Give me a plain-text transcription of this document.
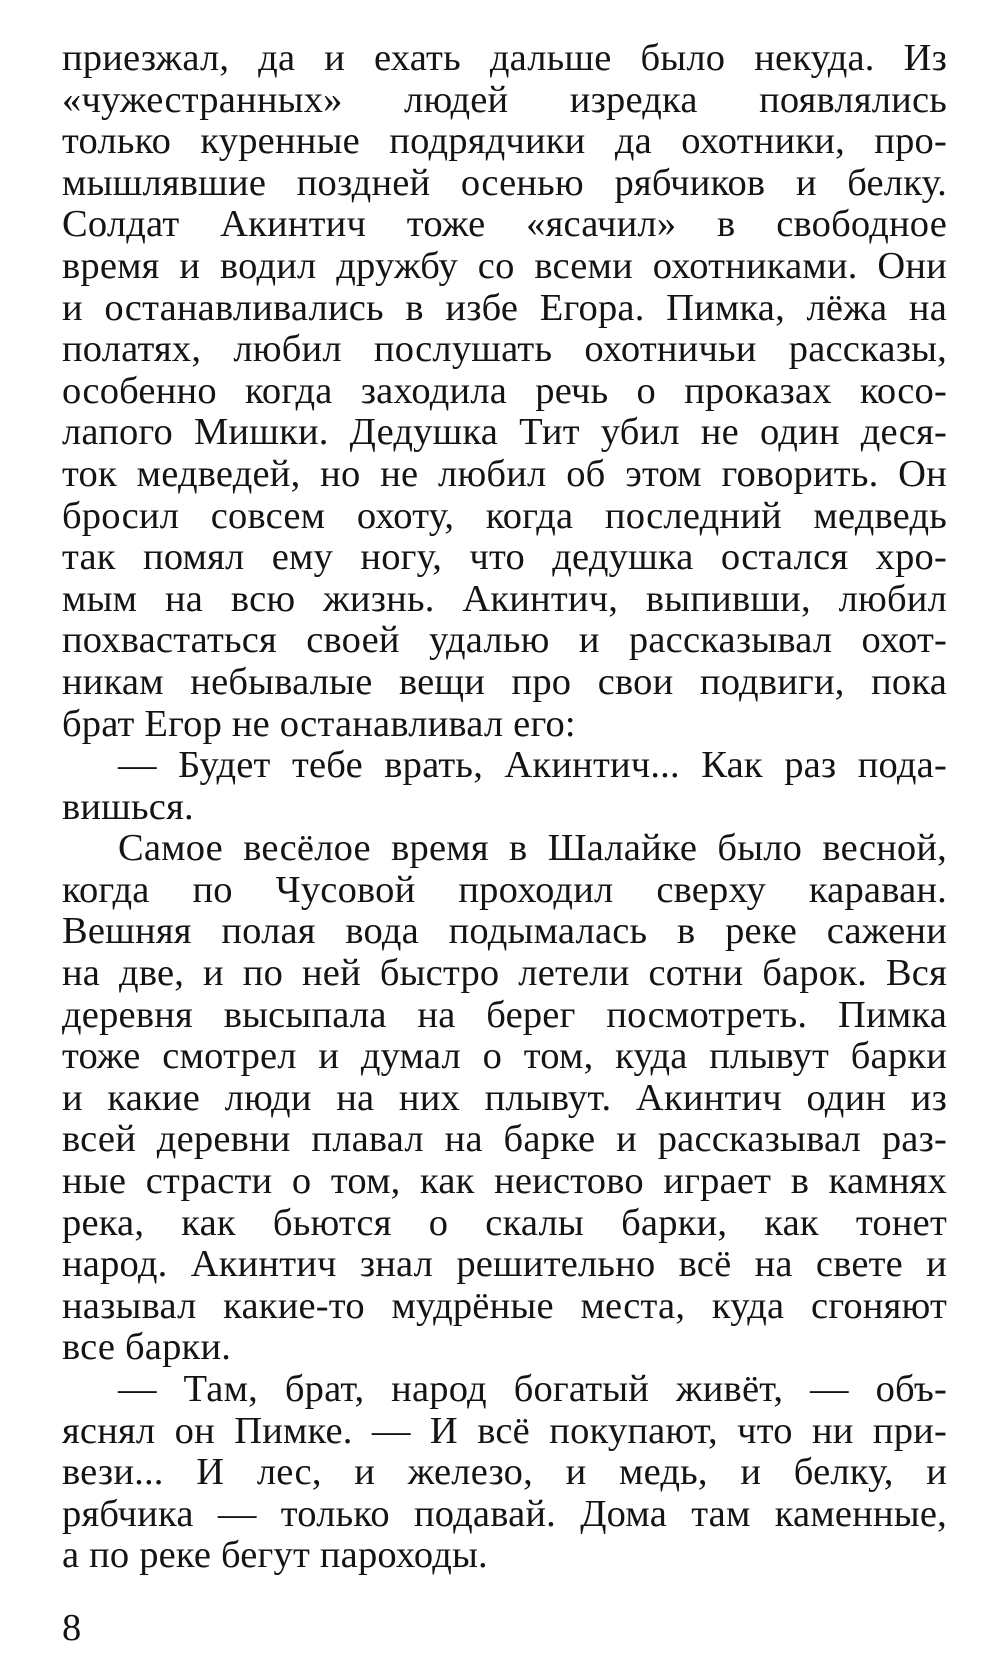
приезжал, да и ехать дальше было некуда. Из
«чужестранных» людей изредка появлялись
только куренные подрядчики да охотники, про-
мышлявшие поздней осенью рябчиков и белку.
Солдат Акинтич тоже «ясачил» в свободное
время и водил дружбу со всеми охотниками. Они
и останавливались в избе Егора. Пимка, лёжа на
полатях, любил послушать охотничьи рассказы,
особенно когда заходила речь о проказах косо-
лапого Мишки. Дедушка Тит убил не один деся-
ток медведей, но не любил об этом говорить. Он
бросил совсем охоту, когда последний медведь
так помял ему ногу, что дедушка остался хро-
мым на всю жизнь. Акинтич, выпивши, любил
похвастаться своей удалью и рассказывал охот-
никам небывалые вещи про свои подвиги, пока
брат Егор не останавливал его:
— Будет тебе врать, Акинтич... Как раз пода-
вишься.
Самое весёлое время в Шалайке было весной,
когда по Чусовой проходил сверху караван.
Вешняя полая вода подымалась в реке сажени
на две, и по ней быстро летели сотни барок. Вся
деревня высыпала на берег посмотреть. Пимка
тоже смотрел и думал о том, куда плывут барки
и какие люди на них плывут. Акинтич один из
всей деревни плавал на барке и рассказывал раз-
ные страсти о том, как неистово играет в камнях
река, как бьются о скалы барки, как тонет
народ. Акинтич знал решительно всё на свете и
называл какие-то мудрёные места, куда сгоняют
все барки.
— Там, брат, народ богатый живёт, — объ-
яснял он Пимке. — И всё покупают, что ни при-
вези... И лес, и железо, и медь, и белку, и
рябчика — только подавай. Дома там каменные,
а по реке бегут пароходы.
8
